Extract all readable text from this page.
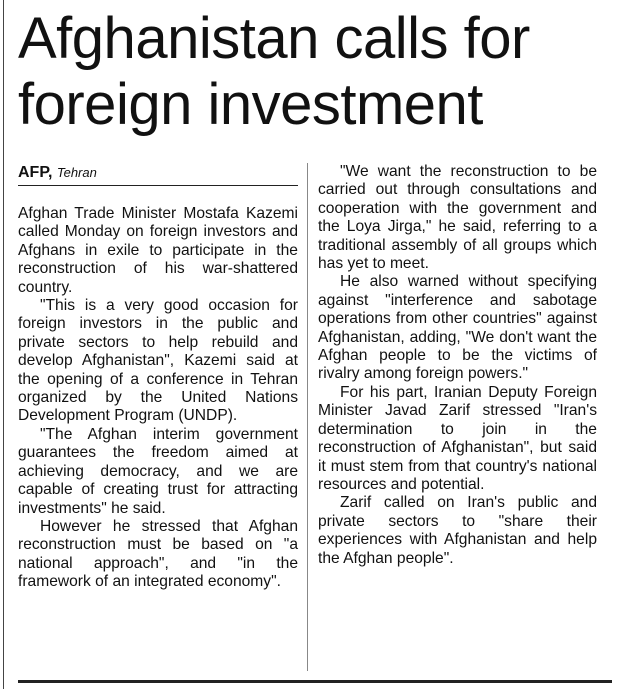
Afghanistan calls for foreign investment
AFP, Tehran

Afghan Trade Minister Mostafa Kazemi called Monday on foreign investors and Afghans in exile to participate in the reconstruction of his war-shattered country.

"This is a very good occasion for foreign investors in the public and private sectors to help rebuild and develop Afghanistan", Kazemi said at the opening of a conference in Tehran organized by the United Nations Development Program (UNDP).

"The Afghan interim government guarantees the freedom aimed at achieving democracy, and we are capable of creating trust for attracting investments" he said.

However he stressed that Afghan reconstruction must be based on "a national approach", and "in the framework of an integrated economy".

"We want the reconstruction to be carried out through consultations and cooperation with the government and the Loya Jirga," he said, referring to a traditional assembly of all groups which has yet to meet.

He also warned without specifying against "interference and sabotage operations from other countries" against Afghanistan, adding, "We don't want the Afghan people to be the victims of rivalry among foreign powers."

For his part, Iranian Deputy Foreign Minister Javad Zarif stressed "Iran's determination to join in the reconstruction of Afghanistan", but said it must stem from that country's national resources and potential.

Zarif called on Iran's public and private sectors to "share their experiences with Afghanistan and help the Afghan people".
